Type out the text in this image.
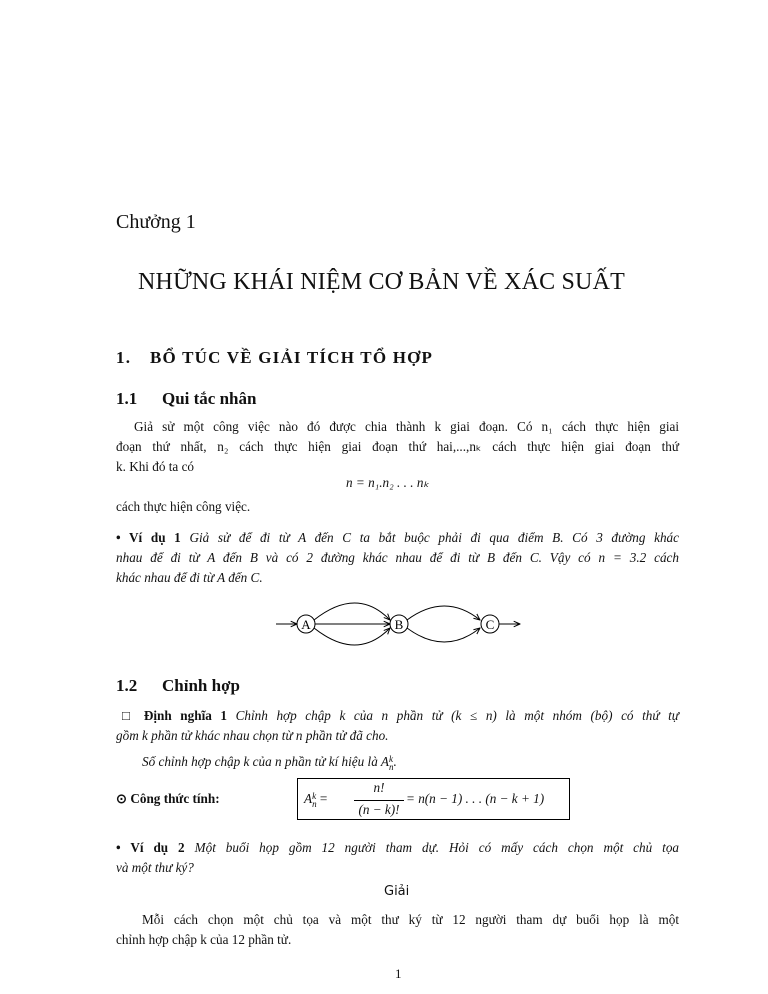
Chưởng 1
NHỮNG KHÁI NIỆM CƠ BẢN VỀ XÁC SUẤT
1. BỔ TÚC VỀ GIẢI TÍCH TỔ HỢP
1.1 Qui tắc nhân
Giả sử một công việc nào đó được chia thành k giai đoạn. Có n₁ cách thực hiện giai
đoạn thứ nhất, n₂ cách thực hiện giai đoạn thứ hai,...,nₖ cách thực hiện giai đoạn thứ
k. Khi đó ta có
n = n₁.n₂ . . . nₖ
cách thực hiện công việc.
• Ví dụ 1 Giả sử để đi từ A đến C ta bắt buộc phải đi qua điểm B. Có 3 đường khác
nhau để đi từ A đến B và có 2 đường khác nhau để đi từ B đến C. Vậy có n = 3.2 cách
khác nhau để đi từ A đến C.
A	B	C
1.2 Chỉnh hợp
□ Định nghĩa 1 Chỉnh hợp chập k của n phần tử (k ≤ n) là một nhóm (bộ) có thứ tự
gồm k phần tử khác nhau chọn từ n phần tử đã cho.
Số chỉnh hợp chập k của n phần tử kí hiệu là A k
n .
⊙ Công thức tính:	A k
n =
n!
(n − k)!
= n(n − 1) . . . (n − k + 1)
• Ví dụ 2 Một buổi họp gồm 12 người tham dự. Hỏi có mấy cách chọn một chủ tọa
và một thư ký?
Giải
Mỗi cách chọn một chủ tọa và một thư ký từ 12 người tham dự buổi họp là một
chỉnh hợp chập k của 12 phần tử.
1
